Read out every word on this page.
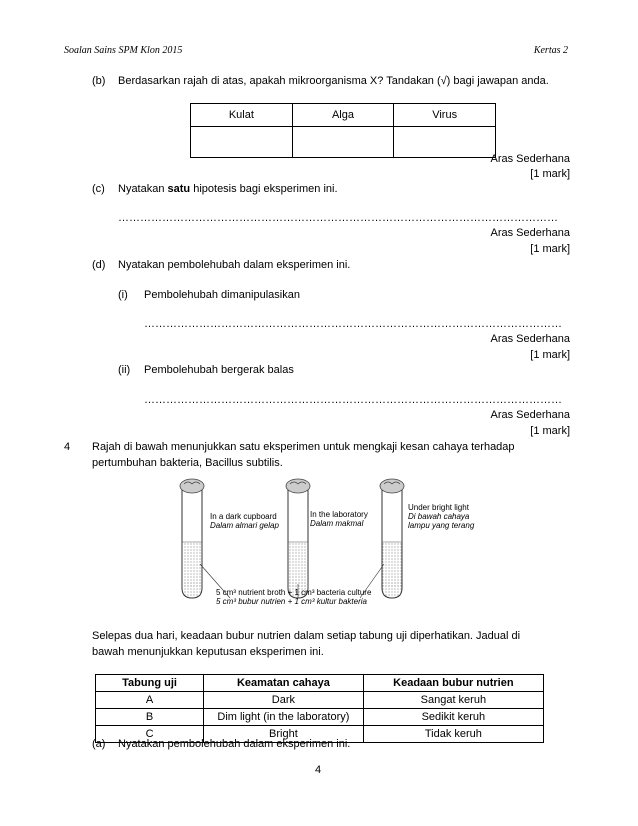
Soalan Sains SPM Klon 2015	Kertas 2
(b) Berdasarkan rajah di atas, apakah mikroorganisma X? Tandakan (√) bagi jawapan anda.
Kulat	Alga	Virus

Aras Sederhana
[1 mark]
(c) Nyatakan satu hipotesis bagi eksperimen ini.
…………………………………………………………………………………………………………
Aras Sederhana
[1 mark]
(d) Nyatakan pembolehubah dalam eksperimen ini.
(i) Pembolehubah dimanipulasikan
……………………………………………………………………………………………………
Aras Sederhana
[1 mark]
(ii) Pembolehubah bergerak balas
……………………………………………………………………………………………………
Aras Sederhana
[1 mark]
4 Rajah di bawah menunjukkan satu eksperimen untuk mengkaji kesan cahaya terhadap
pertumbuhan bakteria, Bacillus subtilis.
In a dark cupboard
Dalam almari gelap
In the laboratory
Dalam makmal
Under bright light
Di bawah cahaya
lampu yang terang
5 cm³ nutrient broth + 1 cm³ bacteria culture
5 cm³ bubur nutrien + 1 cm³ kultur bakteria
Selepas dua hari, keadaan bubur nutrien dalam setiap tabung uji diperhatikan. Jadual di
bawah menunjukkan keputusan eksperimen ini.
Tabung uji	Keamatan cahaya	Keadaan bubur nutrien
A	Dark	Sangat keruh
B	Dim light (in the laboratory)	Sedikit keruh
C	Bright	Tidak keruh
(a) Nyatakan pembolehubah dalam eksperimen ini.
4
